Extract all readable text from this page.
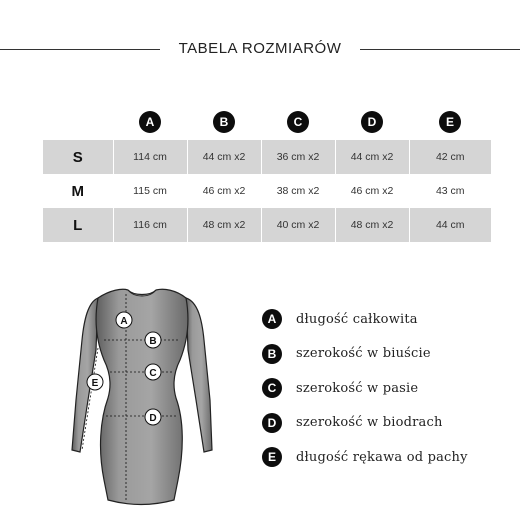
TABELA ROZMIARÓW
	A	B	C	D	E
S	114 cm	44 cm x2	36 cm x2	44 cm x2	42 cm
M	115 cm	46 cm x2	38 cm x2	46 cm x2	43 cm
L	116 cm	48 cm x2	40 cm x2	48 cm x2	44 cm
A
B
C
D
E
A	długość całkowita
B	szerokość w biuście
C	szerokość w pasie
D	szerokość w biodrach
E	długość rękawa od pachy
